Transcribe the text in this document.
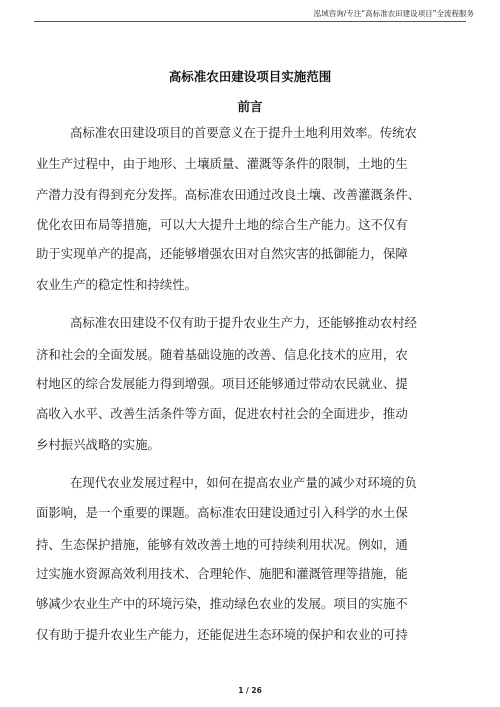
泓域咨询/专注“高标准农田建设项目”全流程服务
高标准农田建设项目实施范围
前言
高标准农田建设项目的首要意义在于提升土地利用效率。传统农
业生产过程中，由于地形、土壤质量、灌溉等条件的限制，土地的生
产潜力没有得到充分发挥。高标准农田通过改良土壤、改善灌溉条件、
优化农田布局等措施，可以大大提升土地的综合生产能力。这不仅有
助于实现单产的提高，还能够增强农田对自然灾害的抵御能力，保障
农业生产的稳定性和持续性。
高标准农田建设不仅有助于提升农业生产力，还能够推动农村经
济和社会的全面发展。随着基础设施的改善、信息化技术的应用，农
村地区的综合发展能力得到增强。项目还能够通过带动农民就业、提
高收入水平、改善生活条件等方面，促进农村社会的全面进步，推动
乡村振兴战略的实施。
在现代农业发展过程中，如何在提高农业产量的减少对环境的负
面影响，是一个重要的课题。高标准农田建设通过引入科学的水土保
持、生态保护措施，能够有效改善土地的可持续利用状况。例如，通
过实施水资源高效利用技术、合理轮作、施肥和灌溉管理等措施，能
够减少农业生产中的环境污染，推动绿色农业的发展。项目的实施不
仅有助于提升农业生产能力，还能促进生态环境的保护和农业的可持
1 / 26
